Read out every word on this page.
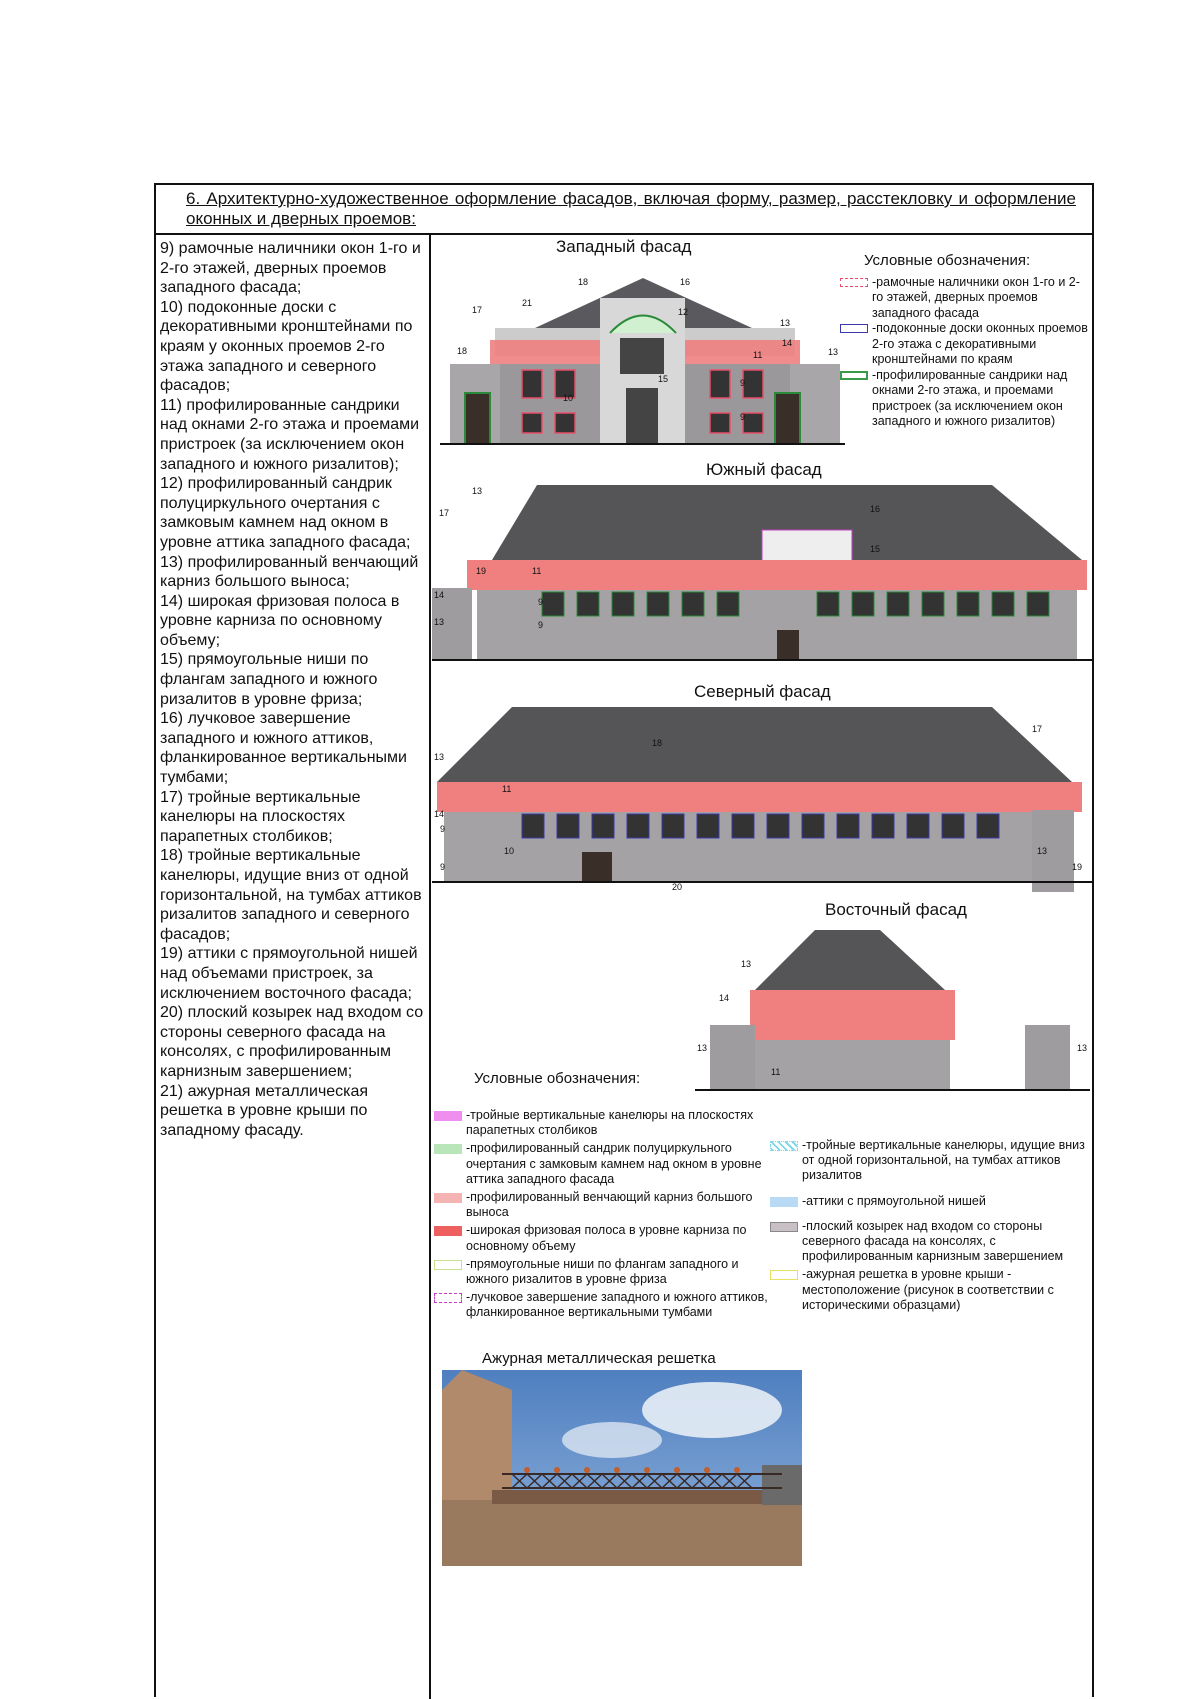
6. Архитектурно-художественное оформление фасадов, включая форму, размер, расстекловку и оформление оконных и дверных проемов:

9) рамочные наличники окон 1-го и 2-го этажей, дверных проемов западного фасада;

10) подоконные доски с декоративными кронштейнами по краям у оконных проемов 2-го этажа западного и северного фасадов;

11) профилированные сандрики над окнами 2-го этажа и проемами пристроек (за исключением окон западного и южного ризалитов);

12) профилированный сандрик полуциркульного очертания с замковым камнем над окном в уровне аттика западного фасада;

13) профилированный венчающий карниз большого выноса;

14) широкая фризовая полоса в уровне карниза по основному объему;

15) прямоугольные ниши по флангам западного и южного ризалитов в уровне фриза;

16) лучковое завершение западного и южного аттиков, фланкированное вертикальными тумбами;

17) тройные вертикальные канелюры на плоскостях парапетных столбиков;

18) тройные вертикальные канелюры, идущие вниз от одной горизонтальной, на тумбах аттиков ризалитов западного и северного фасадов;

19) аттики с прямоугольной нишей над объемами пристроек, за исключением восточного фасада;

20) плоский козырек над входом со стороны северного фасада на консолях, с профилированным карнизным завершением;

21) ажурная металлическая решетка в уровне крыши по западному фасаду.

Западный фасад
18	16
17
21
12
13
18
14
11	13
15	9
10
9
Условные обозначения:
-рамочные наличники окон 1-го и 2-го этажей, дверных проемов западного фасада
-подоконные доски оконных проемов 2-го этажа с декоративными кронштейнами по краям
-профилированные сандрики над окнами 2-го этажа, и проемами пристроек (за исключением окон западного и южного ризалитов)
Южный фасад
13
16
17
15
19	11
14
9
13	9
Северный фасад
18
17
13
11
14
9
10
9
13
19
20
Восточный фасад
13
14
13
11
13
Условные обозначения:
-тройные вертикальные канелюры на плоскостях парапетных столбиков
-профилированный сандрик полуциркульного очертания с замковым камнем над окном в уровне аттика западного фасада
-профилированный венчающий карниз большого выноса
-широкая фризовая полоса в уровне карниза по основному объему
-прямоугольные ниши по флангам западного и южного ризалитов в уровне фриза
-лучковое завершение западного и южного аттиков, фланкированное вертикальными тумбами
-тройные вертикальные канелюры, идущие вниз от одной горизонтальной, на тумбах аттиков ризалитов
-аттики с прямоугольной нишей
-плоский козырек над входом со стороны северного фасада на консолях, с профилированным карнизным завершением
-ажурная решетка в уровне крыши - местоположение (рисунок в соответствии с историческими образцами)
Ажурная металлическая решетка
